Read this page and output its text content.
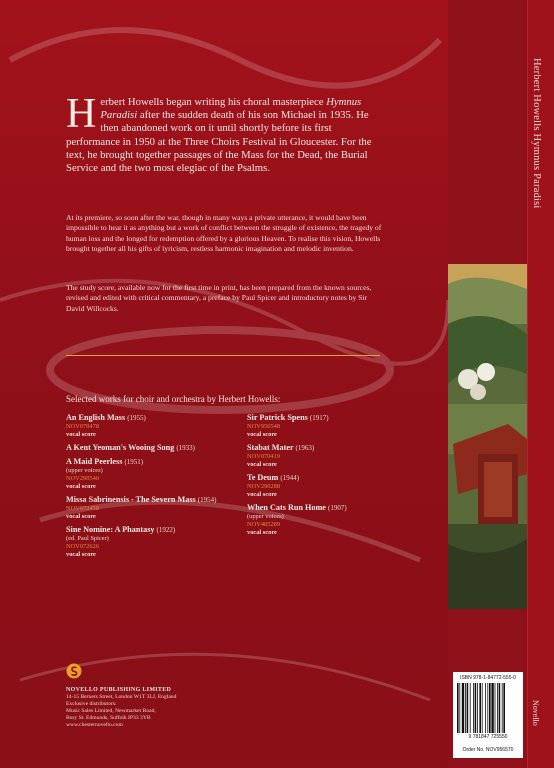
Herbert Howells Hymnus Paradisi
Novello
Herbert Howells began writing his choral masterpiece Hymnus Paradisi after the sudden death of his son Michael in 1935. He then abandoned work on it until shortly before its first performance in 1950 at the Three Choirs Festival in Gloucester. For the text, he brought together passages of the Mass for the Dead, the Burial Service and the two most elegiac of the Psalms.
At its premiere, so soon after the war, though in many ways a private utterance, it would have been impossible to hear it as anything but a work of conflict between the struggle of existence, the tragedy of human loss and the longed for redemption offered by a glorious Heaven. To realise this vision, Howells brought together all his gifts of lyricism, restless harmonic imagination and melodic invention.
The study score, available now for the first time in print, has been prepared from the known sources, revised and edited with critical commentary, a preface by Paul Spicer and introductory notes by Sir David Willcocks.
Selected works for choir and orchestra by Herbert Howells:
An English Mass (1955)
NOV070478
vocal score
A Kent Yeoman's Wooing Song (1933)
A Maid Peerless (1951)
(upper voices)
NOV290540
vocal score
Missa Sabrinensis - The Severn Mass (1954)
NOV072458
vocal score
Sine Nomine: A Phantasy (1922)
(ed. Paul Spicer)
NOV072626
vocal score
Sir Patrick Spens (1917)
NOV956548
vocal score
Stabat Mater (1963)
NOV070419
vocal score
Te Deum (1944)
NOV290288
vocal score
When Cats Run Home (1907)
(upper voices)
NOV485289
vocal score
NOVELLO PUBLISHING LIMITED
14-15 Berners Street, London W1T 3LJ, England
Exclusive distributors:
Music Sales Limited, Newmarket Road,
Bury St. Edmunds, Suffolk IP33 3YB
www.chesternovello.com
ISBN 978-1-84772-555-0
9 781847 725550
Order No. NOV956570
